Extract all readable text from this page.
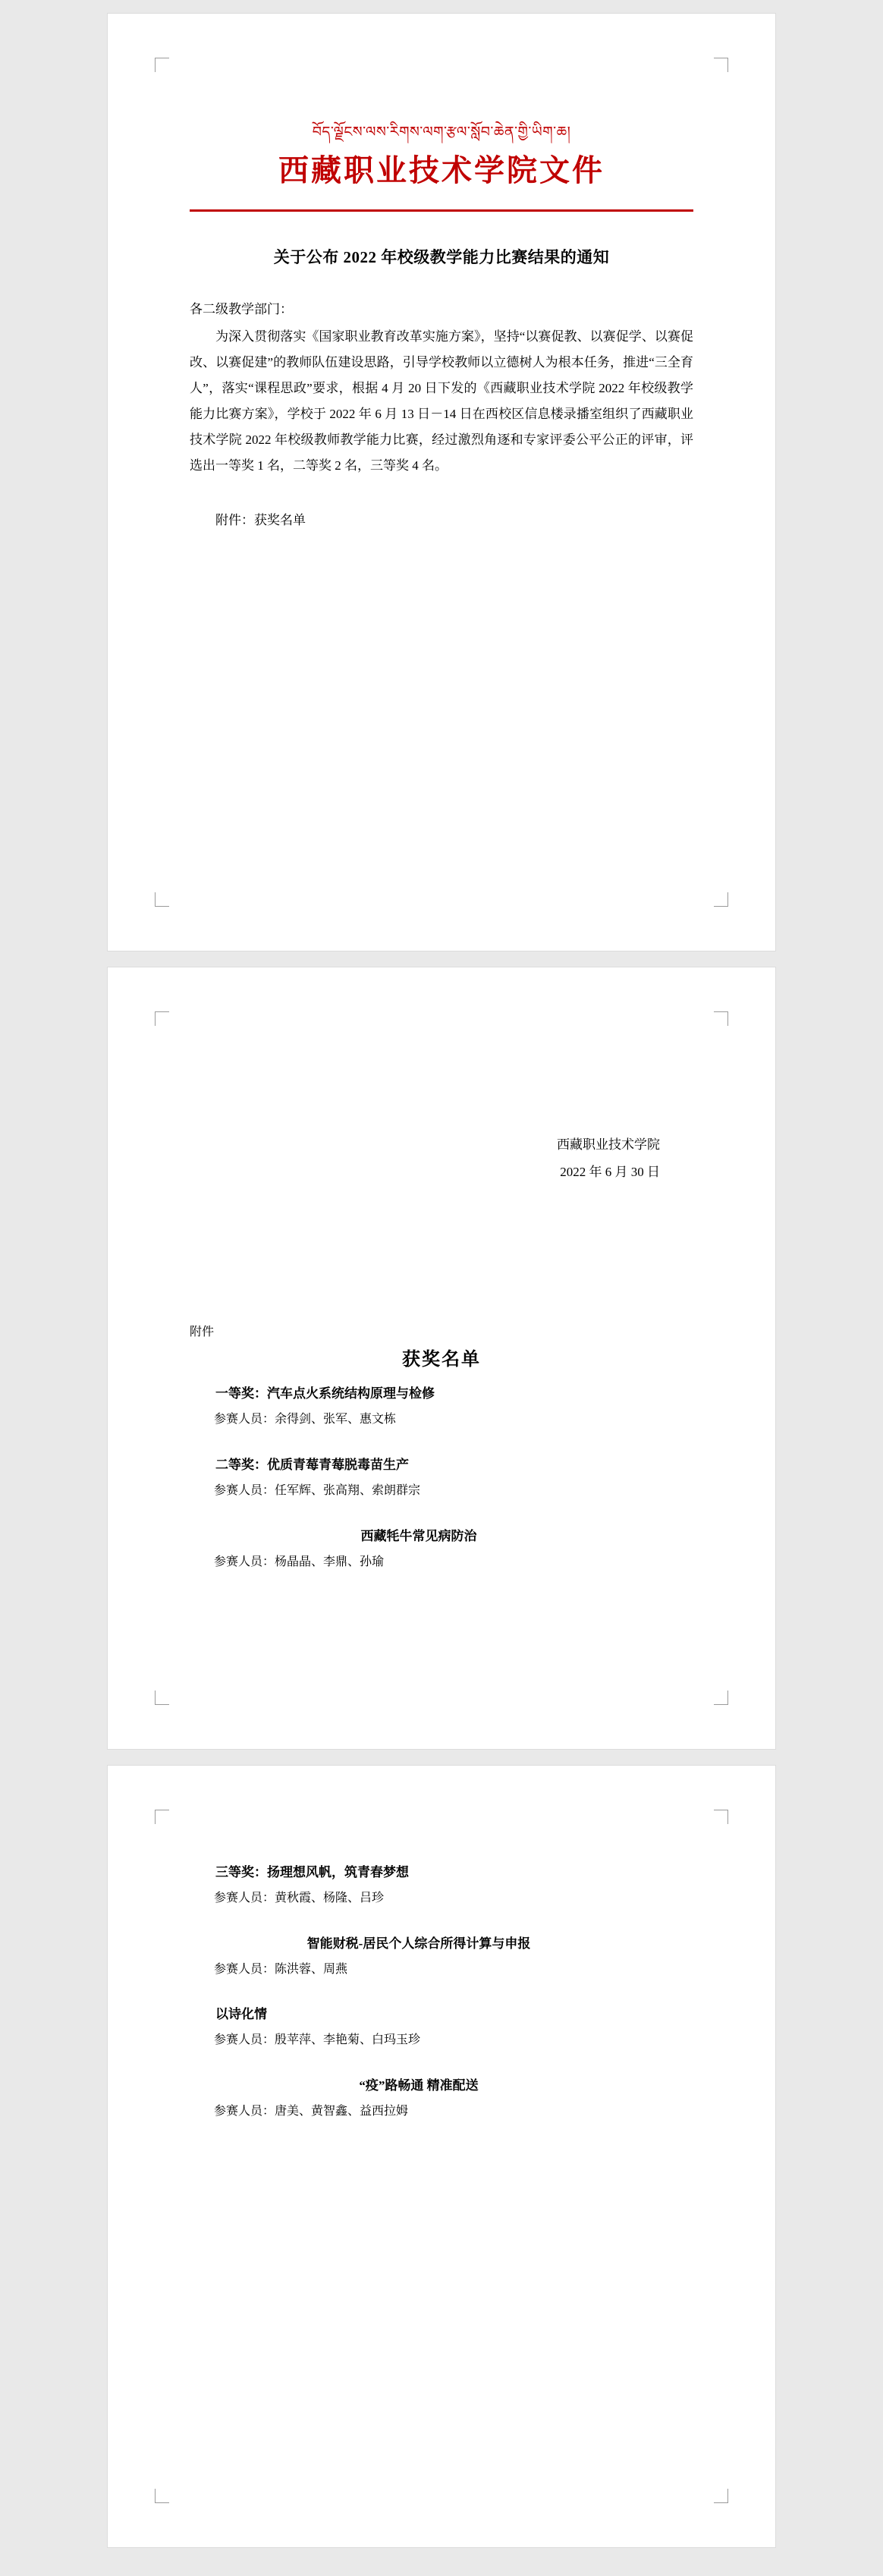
བོད་ལྗོངས་ལས་རིགས་ལག་རྩལ་སློབ་ཆེན་གྱི་ཡིག་ཆ།
西藏职业技术学院文件
关于公布 2022 年校级教学能力比赛结果的通知
各二级教学部门：
为深入贯彻落实《国家职业教育改革实施方案》，坚持“以赛促教、以赛促学、以赛促改、以赛促建”的教师队伍建设思路，引导学校教师以立德树人为根本任务，推进“三全育人”，落实“课程思政”要求，根据 4 月 20 日下发的《西藏职业技术学院 2022 年校级教学能力比赛方案》，学校于 2022 年 6 月 13 日－14 日在西校区信息楼录播室组织了西藏职业技术学院 2022 年校级教师教学能力比赛，经过激烈角逐和专家评委公平公正的评审，评选出一等奖 1 名，二等奖 2 名，三等奖 4 名。
附件：获奖名单
西藏职业技术学院
2022 年 6 月 30 日
附件
获奖名单
一等奖：汽车点火系统结构原理与检修
参赛人员：余得剑、张军、惠文栋
二等奖：优质青莓青莓脱毒苗生产
参赛人员：任军辉、张高翔、索朗群宗
西藏牦牛常见病防治
参赛人员：杨晶晶、李鼎、孙瑜
三等奖：扬理想风帆，筑青春梦想
参赛人员：黄秋霞、杨隆、吕珍
智能财税-居民个人综合所得计算与申报
参赛人员：陈洪蓉、周燕
以诗化情
参赛人员：殷苹萍、李艳菊、白玛玉珍
“疫”路畅通 精准配送
参赛人员：唐美、黄智鑫、益西拉姆
